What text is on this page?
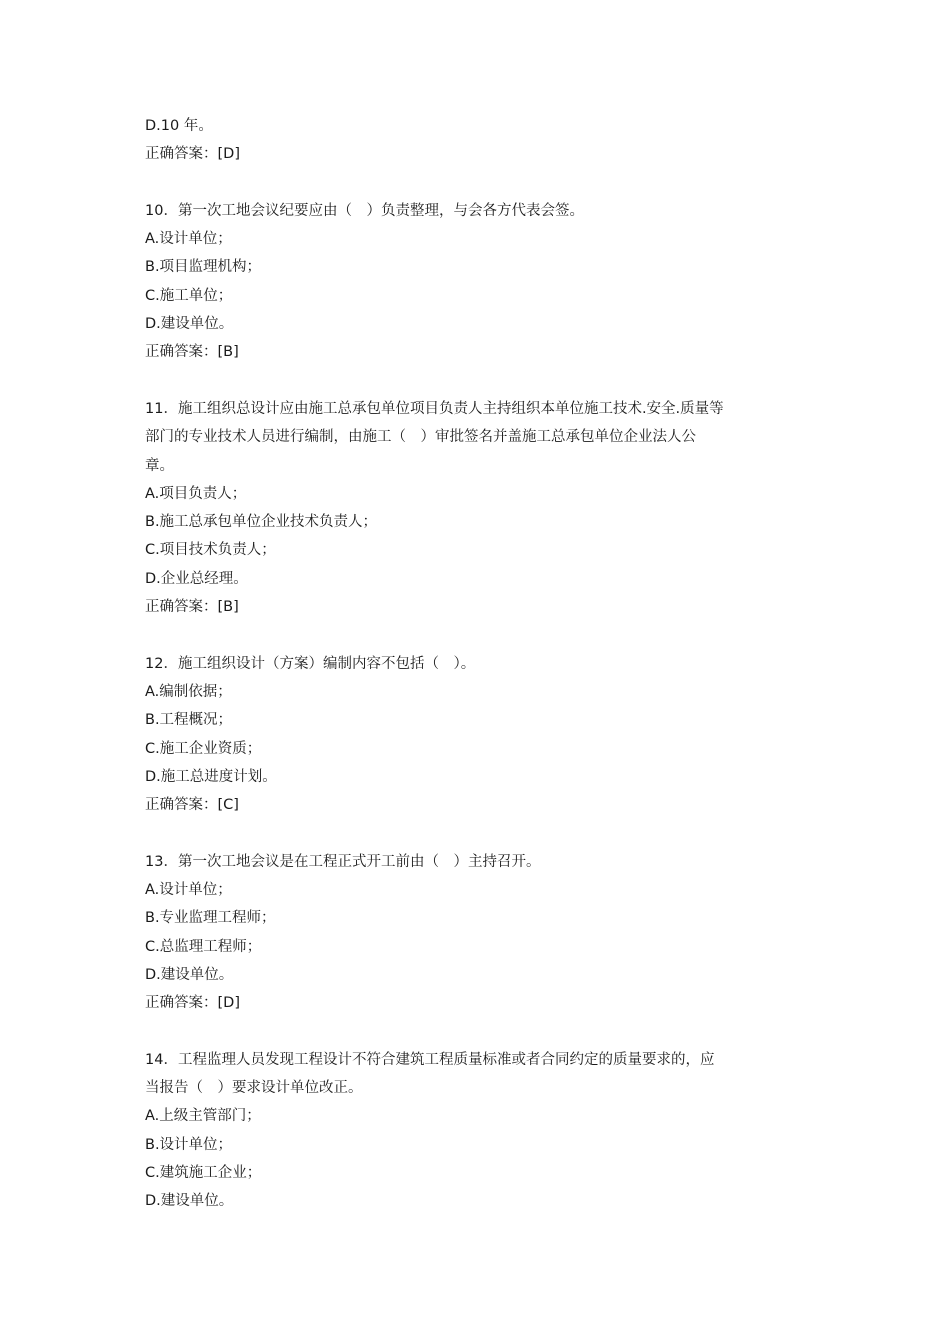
D.10 年。
正确答案：[D]
10．第一次工地会议纪要应由（　）负责整理，与会各方代表会签。
A.设计单位；
B.项目监理机构；
C.施工单位；
D.建设单位。
正确答案：[B]
11．施工组织总设计应由施工总承包单位项目负责人主持组织本单位施工技术.安全.质量等
部门的专业技术人员进行编制，由施工（　）审批签名并盖施工总承包单位企业法人公
章。
A.项目负责人；
B.施工总承包单位企业技术负责人；
C.项目技术负责人；
D.企业总经理。
正确答案：[B]
12．施工组织设计（方案）编制内容不包括（　）。
A.编制依据；
B.工程概况；
C.施工企业资质；
D.施工总进度计划。
正确答案：[C]
13．第一次工地会议是在工程正式开工前由（　）主持召开。
A.设计单位；
B.专业监理工程师；
C.总监理工程师；
D.建设单位。
正确答案：[D]
14．工程监理人员发现工程设计不符合建筑工程质量标准或者合同约定的质量要求的，应
当报告（　）要求设计单位改正。
A.上级主管部门；
B.设计单位；
C.建筑施工企业；
D.建设单位。
